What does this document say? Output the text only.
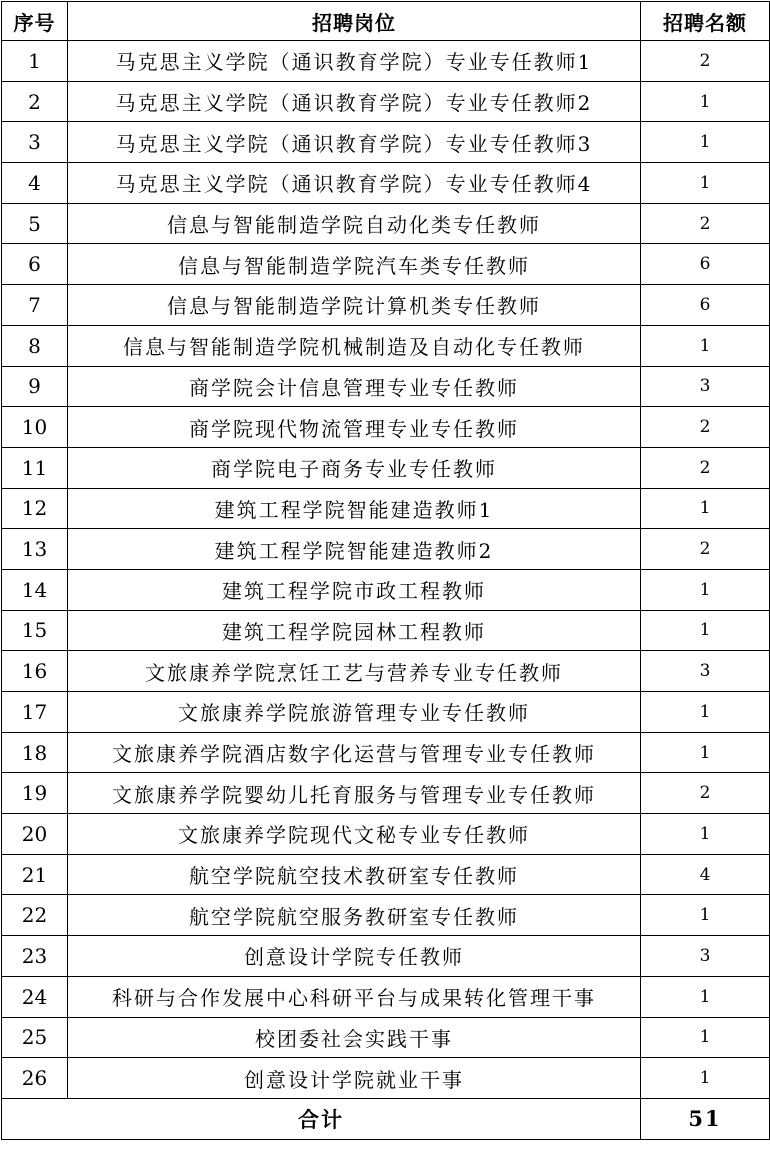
序号	招聘岗位	招聘名额
1	马克思主义学院（通识教育学院）专业专任教师1	2
2	马克思主义学院（通识教育学院）专业专任教师2	1
3	马克思主义学院（通识教育学院）专业专任教师3	1
4	马克思主义学院（通识教育学院）专业专任教师4	1
5	信息与智能制造学院自动化类专任教师	2
6	信息与智能制造学院汽车类专任教师	6
7	信息与智能制造学院计算机类专任教师	6
8	信息与智能制造学院机械制造及自动化专任教师	1
9	商学院会计信息管理专业专任教师	3
10	商学院现代物流管理专业专任教师	2
11	商学院电子商务专业专任教师	2
12	建筑工程学院智能建造教师1	1
13	建筑工程学院智能建造教师2	2
14	建筑工程学院市政工程教师	1
15	建筑工程学院园林工程教师	1
16	文旅康养学院烹饪工艺与营养专业专任教师	3
17	文旅康养学院旅游管理专业专任教师	1
18	文旅康养学院酒店数字化运营与管理专业专任教师	1
19	文旅康养学院婴幼儿托育服务与管理专业专任教师	2
20	文旅康养学院现代文秘专业专任教师	1
21	航空学院航空技术教研室专任教师	4
22	航空学院航空服务教研室专任教师	1
23	创意设计学院专任教师	3
24	科研与合作发展中心科研平台与成果转化管理干事	1
25	校团委社会实践干事	1
26	创意设计学院就业干事	1
合计		51
